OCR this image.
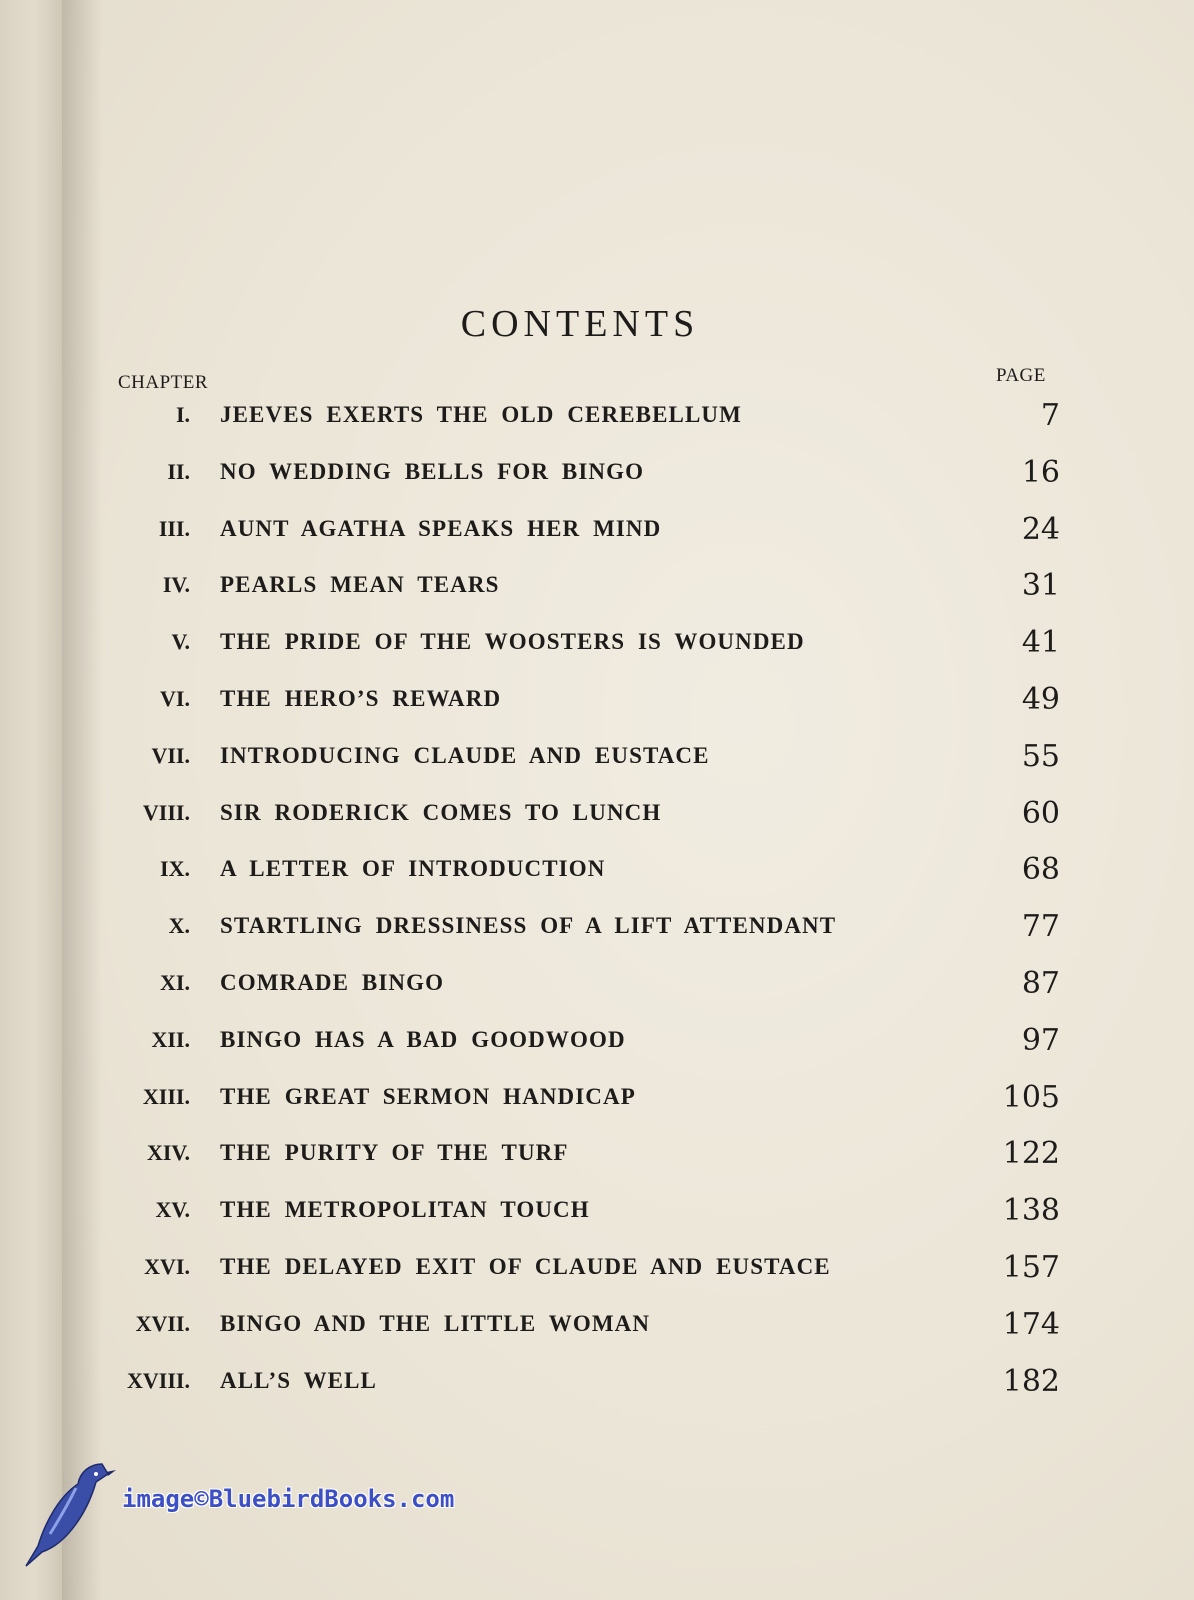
CONTENTS
CHAPTER	PAGE
I. JEEVES EXERTS THE OLD CEREBELLUM	7
II. NO WEDDING BELLS FOR BINGO	16
III. AUNT AGATHA SPEAKS HER MIND	24
IV. PEARLS MEAN TEARS	31
V. THE PRIDE OF THE WOOSTERS IS WOUNDED	41
VI. THE HERO’S REWARD	49
VII. INTRODUCING CLAUDE AND EUSTACE	55
VIII. SIR RODERICK COMES TO LUNCH	60
IX. A LETTER OF INTRODUCTION	68
X. STARTLING DRESSINESS OF A LIFT ATTENDANT	77
XI. COMRADE BINGO	87
XII. BINGO HAS A BAD GOODWOOD	97
XIII. THE GREAT SERMON HANDICAP	105
XIV. THE PURITY OF THE TURF	122
XV. THE METROPOLITAN TOUCH	138
XVI. THE DELAYED EXIT OF CLAUDE AND EUSTACE	157
XVII. BINGO AND THE LITTLE WOMAN	174
XVIII. ALL’S WELL	182
image©BluebirdBooks.com
